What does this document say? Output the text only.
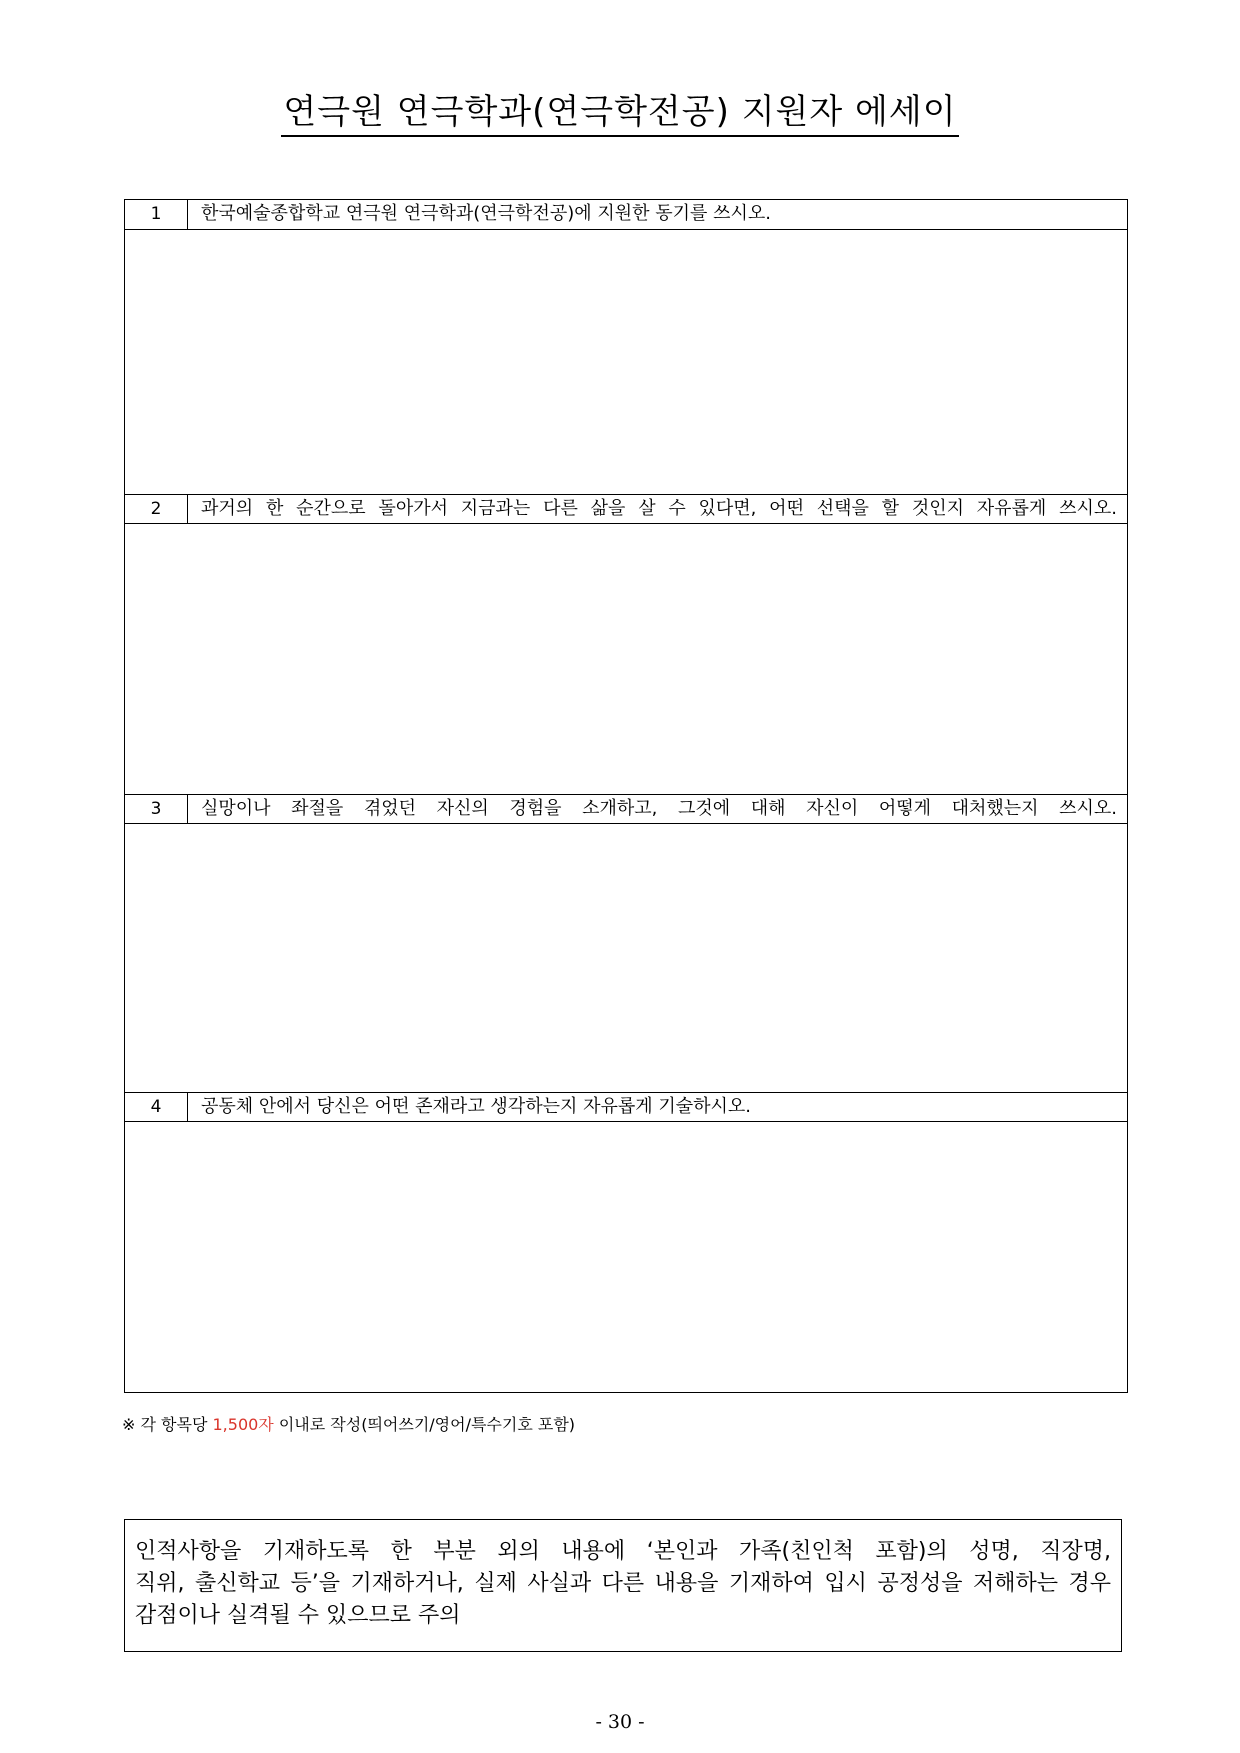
연극원 연극학과(연극학전공) 지원자 에세이
1	한국예술종합학교 연극원 연극학과(연극학전공)에 지원한 동기를 쓰시오.
2	과거의 한 순간으로 돌아가서 지금과는 다른 삶을 살 수 있다면, 어떤 선택을 할 것인지 자유롭게 쓰시오.
3	실망이나 좌절을 겪었던 자신의 경험을 소개하고, 그것에 대해 자신이 어떻게 대처했는지 쓰시오.
4	공동체 안에서 당신은 어떤 존재라고 생각하는지 자유롭게 기술하시오.
※ 각 항목당 1,500자 이내로 작성(띄어쓰기/영어/특수기호 포함)
인적사항을 기재하도록 한 부분 외의 내용에 ‘본인과 가족(친인척 포함)의 성명, 직장명,
직위, 출신학교 등’을 기재하거나, 실제 사실과 다른 내용을 기재하여 입시 공정성을 저해하는 경우
감점이나 실격될 수 있으므로 주의
- 30 -
